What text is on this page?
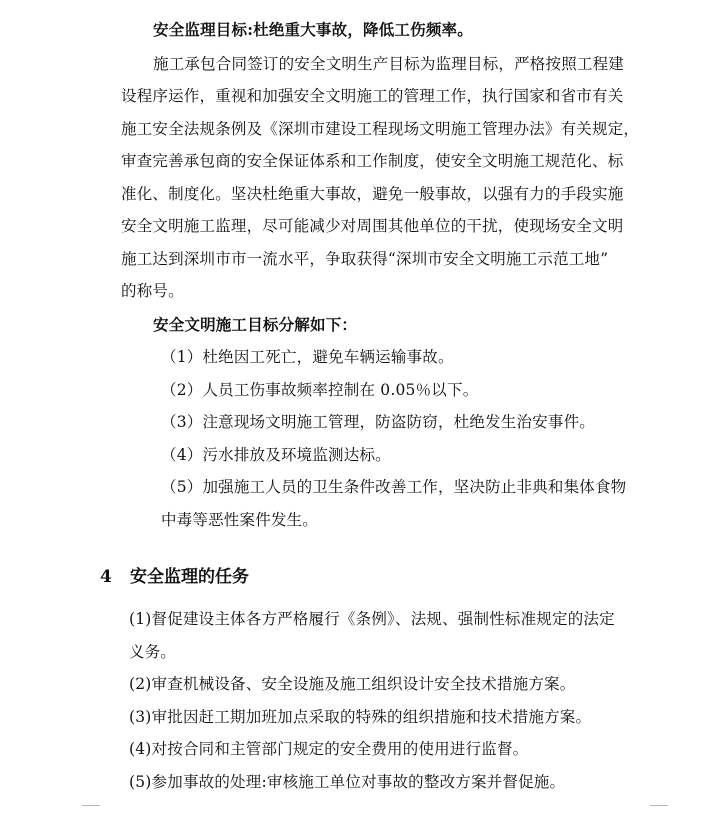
安全监理目标:杜绝重大事故，降低工伤频率。
施工承包合同签订的安全文明生产目标为监理目标，严格按照工程建
设程序运作，重视和加强安全文明施工的管理工作，执行国家和省市有关
施工安全法规条例及《深圳市建设工程现场文明施工管理办法》有关规定，
审查完善承包商的安全保证体系和工作制度，使安全文明施工规范化、标
准化、制度化。坚决杜绝重大事故，避免一般事故，以强有力的手段实施
安全文明施工监理，尽可能减少对周围其他单位的干扰，使现场安全文明
施工达到深圳市市一流水平，争取获得“深圳市安全文明施工示范工地”
的称号。
安全文明施工目标分解如下：
（1）杜绝因工死亡，避免车辆运输事故。
（2）人员工伤事故频率控制在 0.05％以下。
（3）注意现场文明施工管理，防盗防窃，杜绝发生治安事件。
（4）污水排放及环境监测达标。
（5）加强施工人员的卫生条件改善工作，坚决防止非典和集体食物
中毒等恶性案件发生。
4 安全监理的任务
(1)督促建设主体各方严格履行《条例》、法规、强制性标准规定的法定
义务。
(2)审查机械设备、安全设施及施工组织设计安全技术措施方案。
(3)审批因赶工期加班加点采取的特殊的组织措施和技术措施方案。
(4)对按合同和主管部门规定的安全费用的使用进行监督。
(5)参加事故的处理:审核施工单位对事故的整改方案并督促施。
